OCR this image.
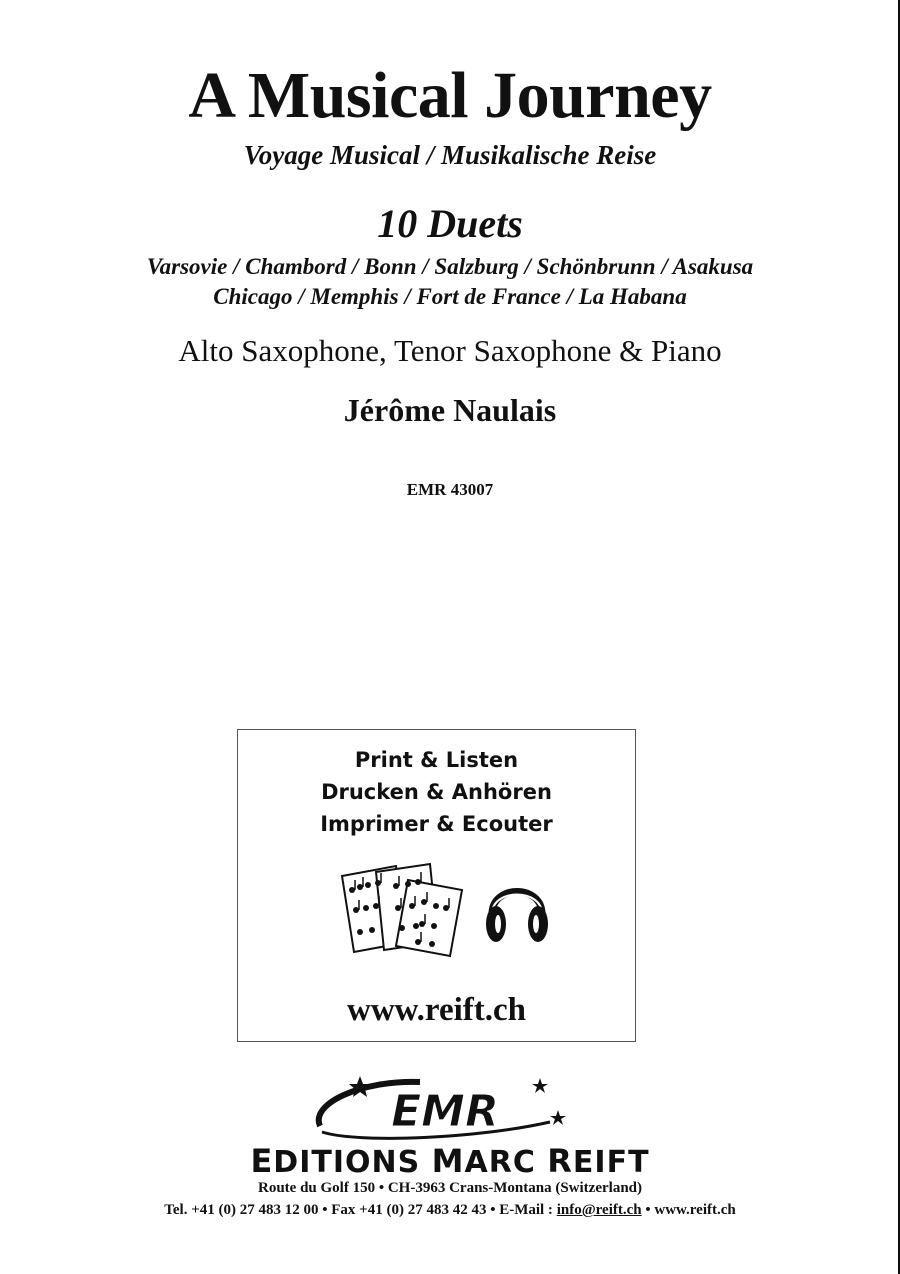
A Musical Journey
Voyage Musical / Musikalische Reise
10 Duets
Varsovie / Chambord / Bonn / Salzburg / Schönbrunn / Asakusa
Chicago / Memphis / Fort de France / La Habana
Alto Saxophone, Tenor Saxophone & Piano
Jérôme Naulais
EMR 43007
Print & Listen
Drucken & Anhören
Imprimer & Ecouter
www.reift.ch
EMR
EDITIONS MARC REIFT
Route du Golf 150 • CH-3963 Crans-Montana (Switzerland)
Tel. +41 (0) 27 483 12 00 • Fax +41 (0) 27 483 42 43 • E-Mail : info@reift.ch • www.reift.ch
